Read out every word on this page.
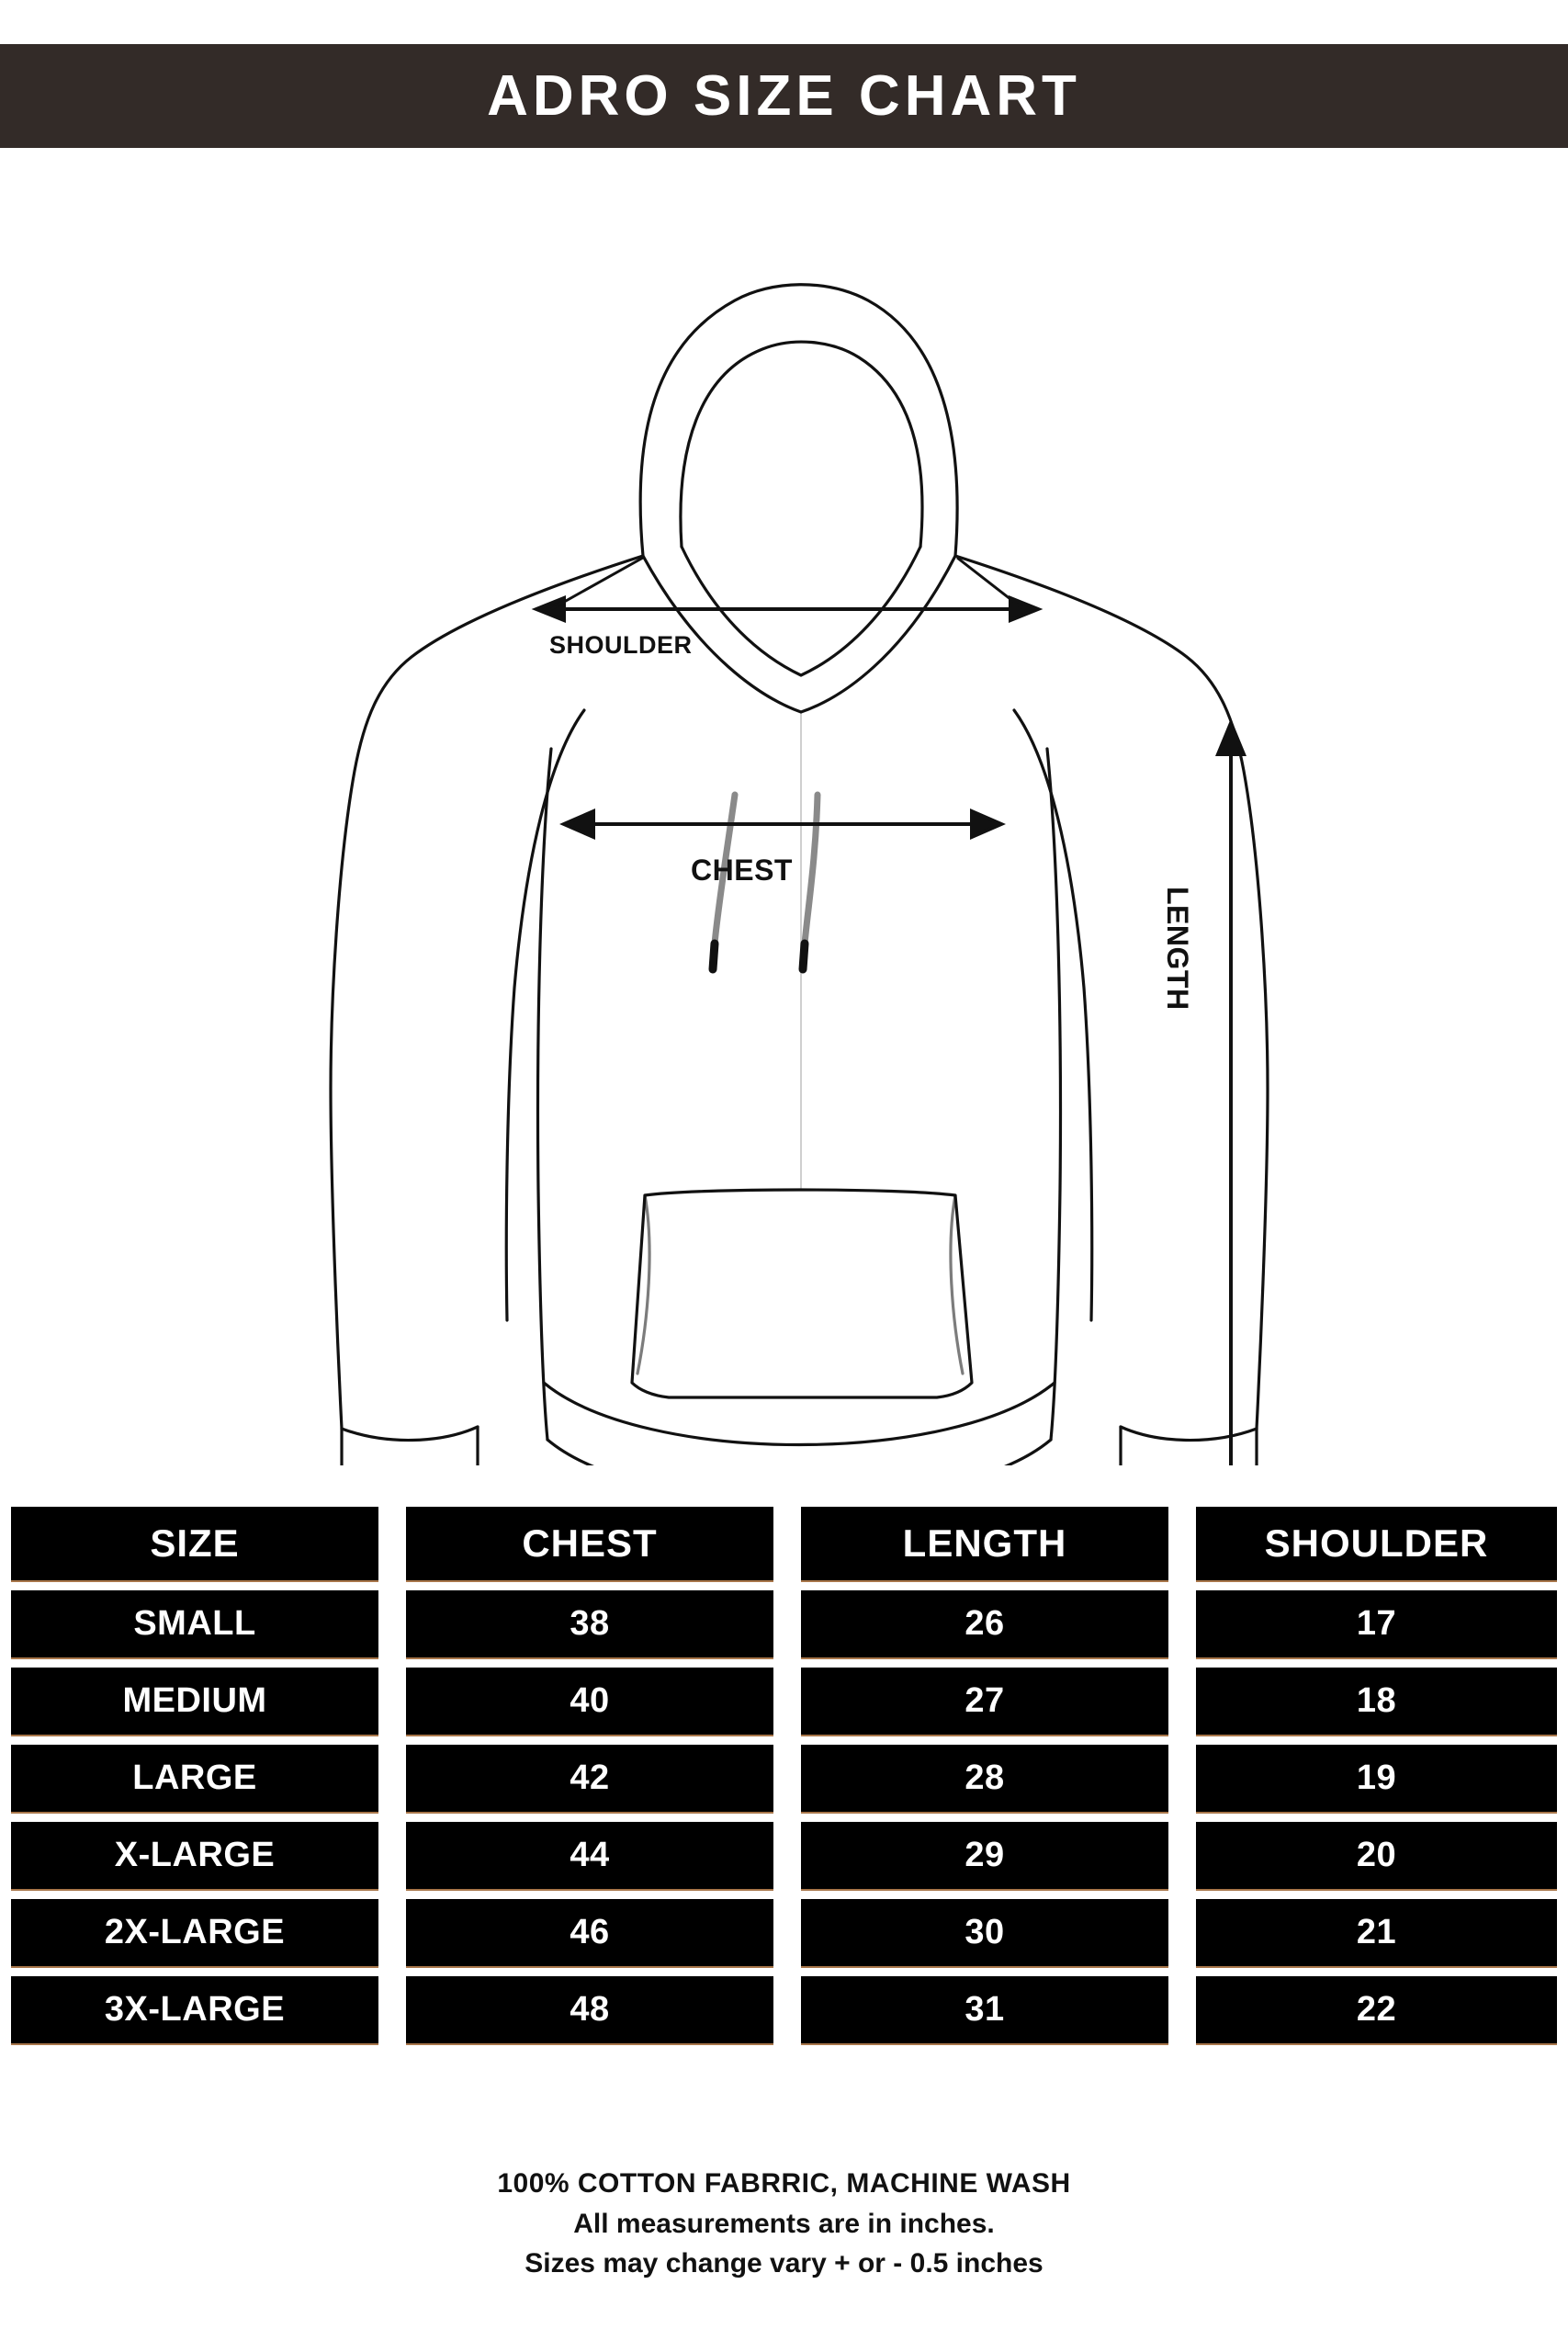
ADRO SIZE CHART
SHOULDER
CHEST
LENGTH
SIZE	CHEST	LENGTH	SHOULDER
SMALL	38	26	17
MEDIUM	40	27	18
LARGE	42	28	19
X-LARGE	44	29	20
2X-LARGE	46	30	21
3X-LARGE	48	31	22
100% COTTON FABRRIC, MACHINE WASH
All measurements are in inches.
Sizes may change vary + or - 0.5 inches
